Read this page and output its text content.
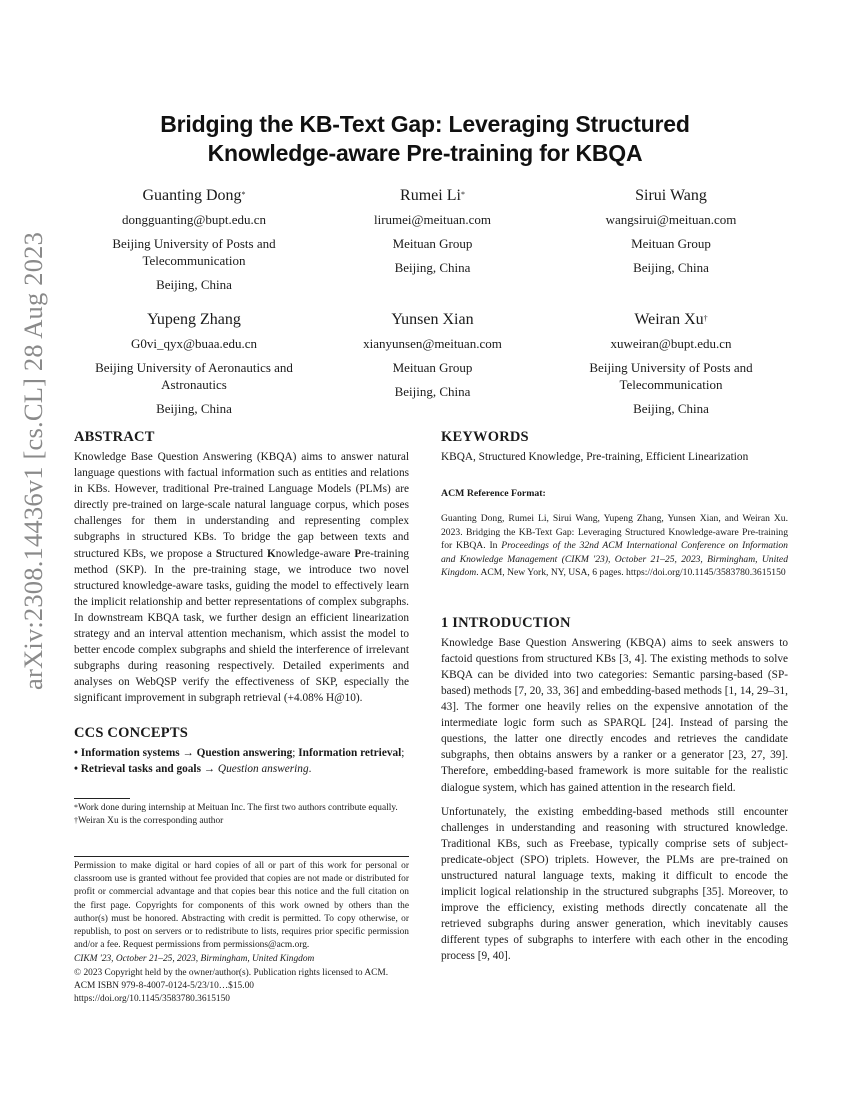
arXiv:2308.14436v1 [cs.CL] 28 Aug 2023
Bridging the KB-Text Gap: Leveraging Structured
Knowledge-aware Pre-training for KBQA
Guanting Dong*
dongguanting@bupt.edu.cn
Beijing University of Posts and Telecommunication
Beijing, China
Rumei Li*
lirumei@meituan.com
Meituan Group
Beijing, China
Sirui Wang
wangsirui@meituan.com
Meituan Group
Beijing, China
Yupeng Zhang
G0vi_qyx@buaa.edu.cn
Beijing University of Aeronautics and Astronautics
Beijing, China
Yunsen Xian
xianyunsen@meituan.com
Meituan Group
Beijing, China
Weiran Xu†
xuweiran@bupt.edu.cn
Beijing University of Posts and Telecommunication
Beijing, China
ABSTRACT

Knowledge Base Question Answering (KBQA) aims to answer natural language questions with factual information such as entities and relations in KBs. However, traditional Pre-trained Language Models (PLMs) are directly pre-trained on large-scale natural language corpus, which poses challenges for them in understanding and representing complex subgraphs in structured KBs. To bridge the gap between texts and structured KBs, we propose a Structured Knowledge-aware Pre-training method (SKP). In the pre-training stage, we introduce two novel structured knowledge-aware tasks, guiding the model to effectively learn the implicit relationship and better representations of complex subgraphs. In downstream KBQA task, we further design an efficient linearization strategy and an interval attention mechanism, which assist the model to better encode complex subgraphs and shield the interference of irrelevant subgraphs during reasoning respectively. Detailed experiments and analyses on WebQSP verify the effectiveness of SKP, especially the significant improvement in subgraph retrieval (+4.08% H@10).

CCS CONCEPTS

• Information systems → Question answering; Information retrieval; • Retrieval tasks and goals → Question answering.

*Work done during internship at Meituan Inc. The first two authors contribute equally.
†Weiran Xu is the corresponding author

Permission to make digital or hard copies of all or part of this work for personal or classroom use is granted without fee provided that copies are not made or distributed for profit or commercial advantage and that copies bear this notice and the full citation on the first page. Copyrights for components of this work owned by others than the author(s) must be honored. Abstracting with credit is permitted. To copy otherwise, or republish, to post on servers or to redistribute to lists, requires prior specific permission and/or a fee. Request permissions from permissions@acm.org.

CIKM '23, October 21–25, 2023, Birmingham, United Kingdom
© 2023 Copyright held by the owner/author(s). Publication rights licensed to ACM.
ACM ISBN 979-8-4007-0124-5/23/10…$15.00
https://doi.org/10.1145/3583780.3615150
KEYWORDS

KBQA, Structured Knowledge, Pre-training, Efficient Linearization

ACM Reference Format:

Guanting Dong, Rumei Li, Sirui Wang, Yupeng Zhang, Yunsen Xian, and Weiran Xu. 2023. Bridging the KB-Text Gap: Leveraging Structured Knowledge-aware Pre-training for KBQA. In Proceedings of the 32nd ACM International Conference on Information and Knowledge Management (CIKM '23), October 21–25, 2023, Birmingham, United Kingdom. ACM, New York, NY, USA, 6 pages. https://doi.org/10.1145/3583780.3615150

1 INTRODUCTION

Knowledge Base Question Answering (KBQA) aims to seek answers to factoid questions from structured KBs [3, 4]. The existing methods to solve KBQA can be divided into two categories: Semantic parsing-based (SP-based) methods [7, 20, 33, 36] and embedding-based methods [1, 14, 29–31, 43]. The former one heavily relies on the expensive annotation of the intermediate logic form such as SPARQL [24]. Instead of parsing the questions, the latter one directly encodes and retrieves the candidate subgraphs, then obtains answers by a ranker or a generator [23, 27, 39]. Therefore, embedding-based framework is more suitable for the realistic dialogue system, which has gained attention in the research field.

Unfortunately, the existing embedding-based methods still encounter challenges in understanding and reasoning with structured knowledge. Traditional KBs, such as Freebase, typically comprise sets of subject-predicate-object (SPO) triplets. However, the PLMs are pre-trained on unstructured natural language texts, making it difficult to encode the implicit logical relationship in the structured subgraphs [35]. Moreover, to improve the efficiency, existing methods directly concatenate all the retrieved subgraphs during answer generation, which inevitably causes different types of subgraphs to interfere with each other in the encoding process [9, 40].
